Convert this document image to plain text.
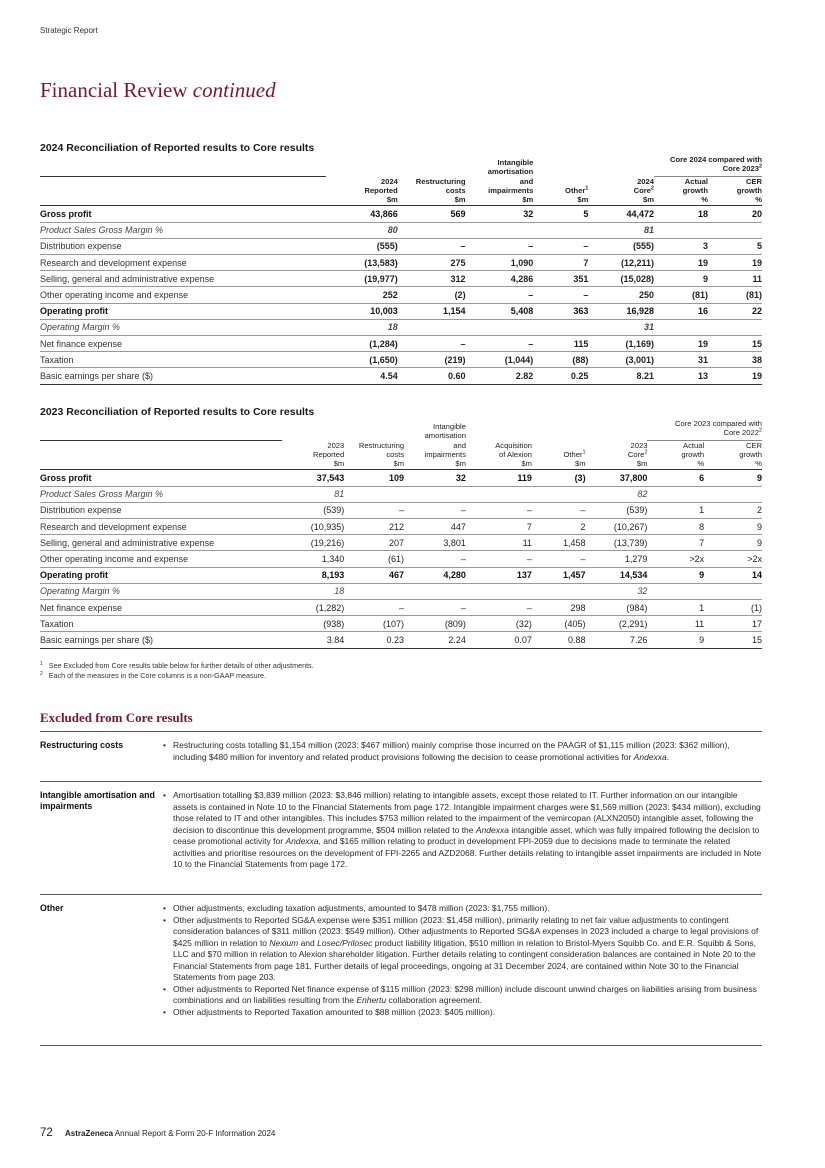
Strategic Report
Financial Review continued
2024 Reconciliation of Reported results to Core results
	2024
Reported
$m	Restructuring
costs
$m	Intangible
amortisation
and
impairments
$m	Other$^1$
$m	2024
Core$^2$
$m	Core 2024 compared with
Core 2023$^2$
						Actual
growth
%	CER
growth
%
Gross profit	43,866	569	32	5	44,472	18	20
Product Sales Gross Margin %	80				81		
Distribution expense	(555)	–	–	–	(555)	3	5
Research and development expense	(13,583)	275	1,090	7	(12,211)	19	19
Selling, general and administrative expense	(19,977)	312	4,286	351	(15,028)	9	11
Other operating income and expense	252	(2)	–	–	250	(81)	(81)
Operating profit	10,003	1,154	5,408	363	16,928	16	22
Operating Margin %	18				31		
Net finance expense	(1,284)	–	–	115	(1,169)	19	15
Taxation	(1,650)	(219)	(1,044)	(88)	(3,001)	31	38
Basic earnings per share ($)	4.54	0.60	2.82	0.25	8.21	13	19
2023 Reconciliation of Reported results to Core results
	2023
Reported
$m	Restructuring
costs
$m	Intangible
amortisation
and
impairments
$m	Acquisition
of Alexion
$m	Other$^1$
$m	2023
Core$^2$
$m	Core 2023 compared with
Core 2022$^2$
							Actual
growth
%	CER
growth
%
Gross profit	37,543	109	32	119	(3)	37,800	6	9
Product Sales Gross Margin %	81					82		
Distribution expense	(539)	–	–	–	–	(539)	1	2
Research and development expense	(10,935)	212	447	7	2	(10,267)	8	9
Selling, general and administrative expense	(19,216)	207	3,801	11	1,458	(13,739)	7	9
Other operating income and expense	1,340	(61)	–	–	–	1,279	>2x	>2x
Operating profit	8,193	467	4,280	137	1,457	14,534	9	14
Operating Margin %	18					32		
Net finance expense	(1,282)	–	–	–	298	(984)	1	(1)
Taxation	(938)	(107)	(809)	(32)	(405)	(2,291)	11	17
Basic earnings per share ($)	3.84	0.23	2.24	0.07	0.88	7.26	9	15
$^1$ See Excluded from Core results table below for further details of other adjustments.
$^2$ Each of the measures in the Core columns is a non-GAAP measure.
Excluded from Core results
Restructuring costs	• Restructuring costs totalling $1,154 million (2023: $467 million) mainly comprise those incurred on the PAAGR of $1,115 million (2023: $362 million), including $480 million for inventory and related product provisions following the decision to cease promotional activities for Andexxa.
Intangible amortisation and impairments
• Amortisation totalling $3,839 million (2023: $3,846 million) relating to intangible assets, except those related to IT. Further information on our intangible assets is contained in Note 10 to the Financial Statements from page 172. Intangible impairment charges were $1,569 million (2023: $434 million), excluding those related to IT and other intangibles. This includes $753 million related to the impairment of the vemircopan (ALXN2050) intangible asset, following the decision to discontinue this development programme, $504 million related to the Andexxa intangible asset, which was fully impaired following the decision to cease promotional activity for Andexxa, and $165 million relating to product in development FPI-2059 due to decisions made to terminate the related activities and prioritise resources on the development of FPI-2265 and AZD2068. Further details relating to intangible asset impairments are included in Note 10 to the Financial Statements from page 172.
Other	• Other adjustments, excluding taxation adjustments, amounted to $478 million (2023: $1,755 million).
• Other adjustments to Reported SG&A expense were $351 million (2023: $1,458 million), primarily relating to net fair value adjustments to contingent consideration balances of $311 million (2023: $549 million). Other adjustments to Reported SG&A expenses in 2023 included a charge to legal provisions of $425 million in relation to Nexium and Losec/Prilosec product liability litigation, $510 million in relation to Bristol-Myers Squibb Co. and E.R. Squibb & Sons, LLC and $70 million in relation to Alexion shareholder litigation. Further details relating to contingent consideration balances are contained in Note 20 to the Financial Statements from page 181. Further details of legal proceedings, ongoing at 31 December 2024, are contained within Note 30 to the Financial Statements from page 203.
• Other adjustments to Reported Net finance expense of $115 million (2023: $298 million) include discount unwind charges on liabilities arising from business combinations and on liabilities resulting from the Enhertu collaboration agreement.
• Other adjustments to Reported Taxation amounted to $88 million (2023: $405 million).
72 AstraZeneca Annual Report & Form 20-F Information 2024
